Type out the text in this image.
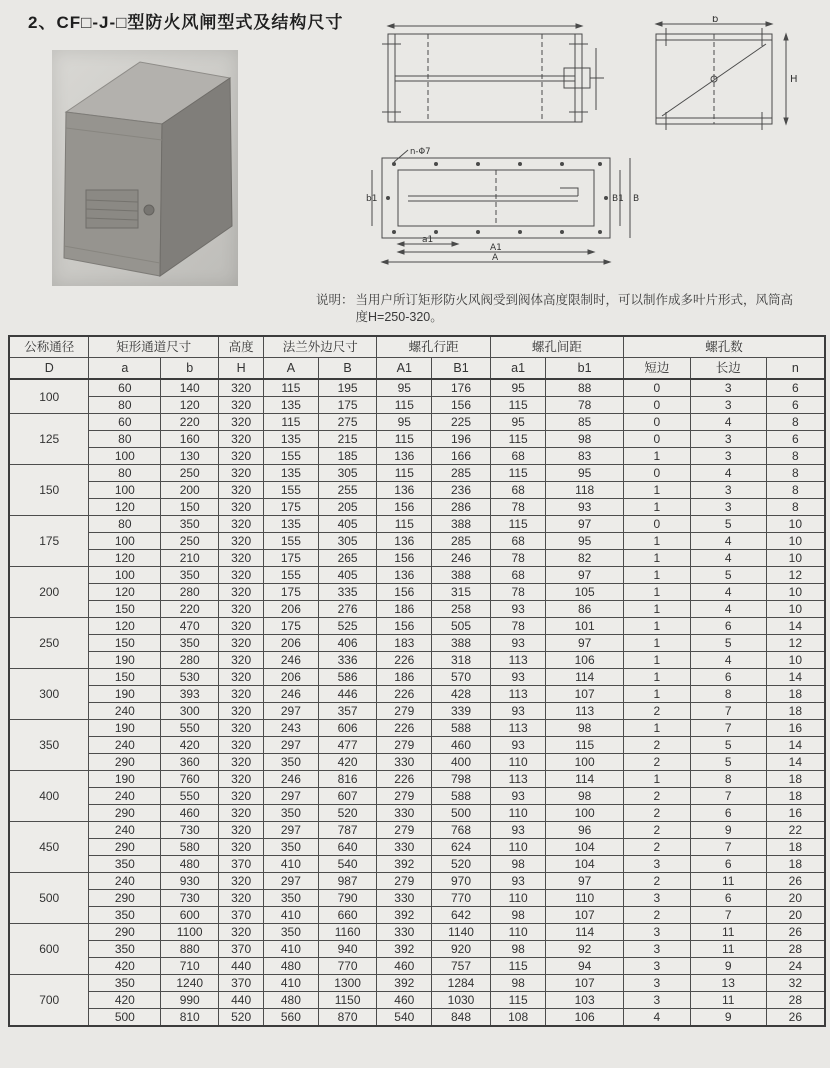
2、CF□-J-□型防火风闸型式及结构尺寸	b
H
n-Φ7
b1	B1 B
a1
A1
A
说明： 当用户所订矩形防火风阀受到阀体高度限制时，可以制作成多叶片形式，风筒高
度H=250-320。
公称通径	矩形通道尺寸		高度	法兰外边尺寸		螺孔行距		螺孔间距		螺孔数		
D	a	b	H	A	B	A1	B1	a1	b1	短边	长边	n
100	60	140	320	115	195	95	176	95	88	0	3	6
	80	120	320	135	175	115	156	115	78	0	3	6
125	60	220	320	115	275	95	225	95	85	0	4	8
	80	160	320	135	215	115	196	115	98	0	3	6
	100	130	320	155	185	136	166	68	83	1	3	8
150	80	250	320	135	305	115	285	115	95	0	4	8
	100	200	320	155	255	136	236	68	118	1	3	8
	120	150	320	175	205	156	286	78	93	1	3	8
175	80	350	320	135	405	115	388	115	97	0	5	10
	100	250	320	155	305	136	285	68	95	1	4	10
	120	210	320	175	265	156	246	78	82	1	4	10
200	100	350	320	155	405	136	388	68	97	1	5	12
	120	280	320	175	335	156	315	78	105	1	4	10
	150	220	320	206	276	186	258	93	86	1	4	10
250	120	470	320	175	525	156	505	78	101	1	6	14
	150	350	320	206	406	183	388	93	97	1	5	12
	190	280	320	246	336	226	318	113	106	1	4	10
300	150	530	320	206	586	186	570	93	114	1	6	14
	190	393	320	246	446	226	428	113	107	1	8	18
	240	300	320	297	357	279	339	93	113	2	7	18
350	190	550	320	243	606	226	588	113	98	1	7	16
	240	420	320	297	477	279	460	93	115	2	5	14
	290	360	320	350	420	330	400	110	100	2	5	14
400	190	760	320	246	816	226	798	113	114	1	8	18
	240	550	320	297	607	279	588	93	98	2	7	18
	290	460	320	350	520	330	500	110	100	2	6	16
450	240	730	320	297	787	279	768	93	96	2	9	22
	290	580	320	350	640	330	624	110	104	2	7	18
	350	480	370	410	540	392	520	98	104	3	6	18
500	240	930	320	297	987	279	970	93	97	2	11	26
	290	730	320	350	790	330	770	110	110	3	6	20
	350	600	370	410	660	392	642	98	107	2	7	20
600	290	1100	320	350	1160	330	1140	110	114	3	11	26
	350	880	370	410	940	392	920	98	92	3	11	28
	420	710	440	480	770	460	757	115	94	3	9	24
700	350	1240	370	410	1300	392	1284	98	107	3	13	32
	420	990	440	480	1150	460	1030	115	103	3	11	28
	500	810	520	560	870	540	848	108	106	4	9	26
